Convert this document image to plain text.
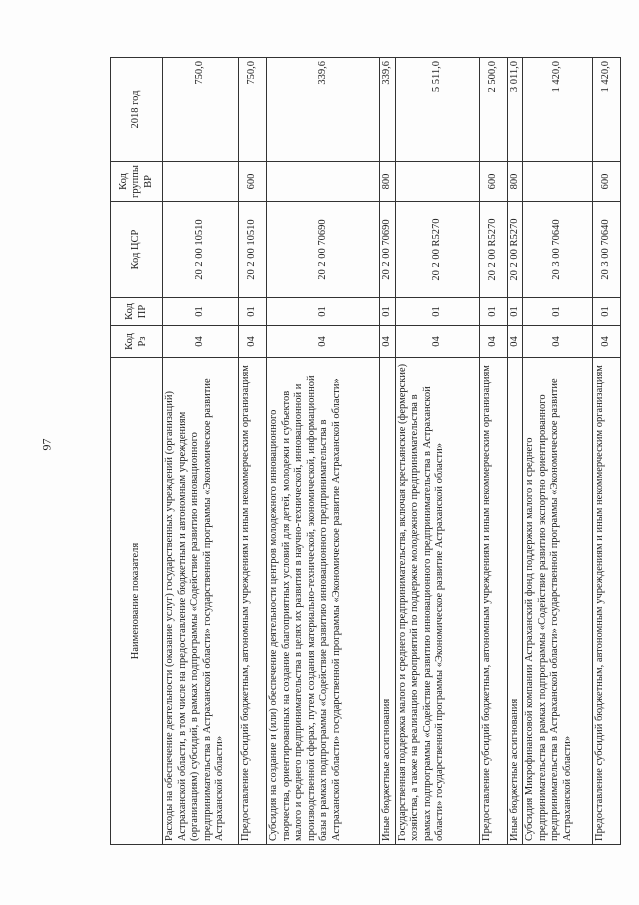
97
Наименование показателя	Код Рз	Код ПР	Код ЦСР	Код группы ВР	2018 год
Расходы на обеспечение деятельности (оказание услуг) государственных учреждений (организаций) Астраханской области, в том числе на предоставление бюджетным и автономным учреждениям (организациям) субсидий, в рамках подпрограммы «Содействие развитию инновационного предпринимательства в Астраханской области» государственной программы «Экономическое развитие Астраханской области»	04	01	20 2 00 10510		750,0
Предоставление субсидий бюджетным, автономным учреждениям и иным некоммерческим организациям	04	01	20 2 00 10510	600	750,0
Субсидия на создание и (или) обеспечение деятельности центров молодежного инновационного творчества, ориентированных на создание благоприятных условий для детей, молодежи и субъектов малого и среднего предпринимательства в целях их развития в научно-технической, инновационной и производственной сферах, путем создания материально-технической, экономической, информационной базы в рамках подпрограммы «Содействие развитию инновационного предпринимательства в Астраханской области» государственной программы «Экономическое развитие Астраханской области»	04	01	20 2 00 70690		339,6
Иные бюджетные ассигнования	04	01	20 2 00 70690	800	339,6
Государственная поддержка малого и среднего предпринимательства, включая крестьянские (фермерские) хозяйства, а также на реализацию мероприятий по поддержке молодежного предпринимательства в рамках подпрограммы «Содействие развитию инновационного предпринимательства в Астраханской области» государственной программы «Экономическое развитие Астраханской области»	04	01	20 2 00 R5270		5 511,0
Предоставление субсидий бюджетным, автономным учреждениям и иным некоммерческим организациям	04	01	20 2 00 R5270	600	2 500,0
Иные бюджетные ассигнования	04	01	20 2 00 R5270	800	3 011,0
Субсидия Микрофинансовой компании Астраханский фонд поддержки малого и среднего предпринимательства в рамках подпрограммы «Содействие развитию экспортно ориентированного предпринимательства в Астраханской области» государственной программы «Экономическое развитие Астраханской области»	04	01	20 3 00 70640		1 420,0
Предоставление субсидий бюджетным, автономным учреждениям и иным некоммерческим организациям	04	01	20 3 00 70640	600	1 420,0
